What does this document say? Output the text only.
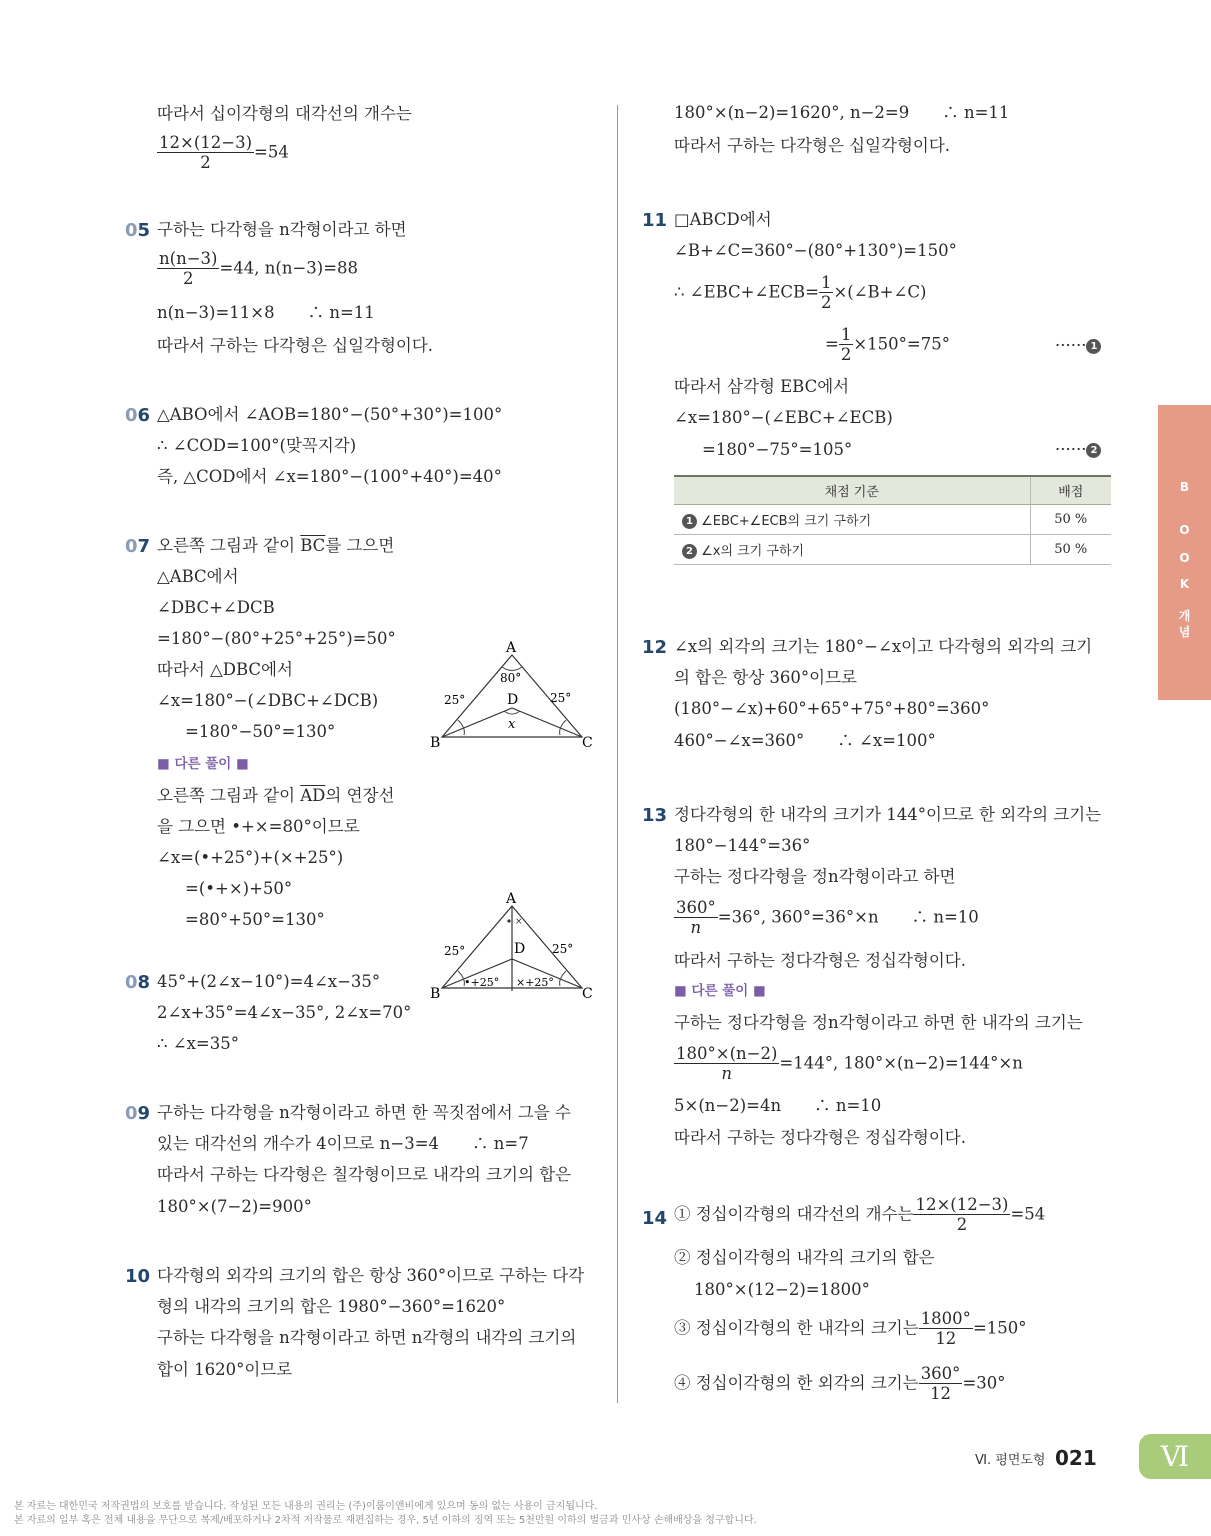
따라서 십이각형의 대각선의 개수는
$\frac{12\times(12-3)}{2} =54$
05 구하는 다각형을 n각형이라고 하면
$\frac{n(n-3)}{2} =44$, n(n−3)=88
n(n−3)=11×8　　∴ n=11
따라서 구하는 다각형은 십일각형이다.
06 △ABO에서 ∠AOB=180°−(50°+30°)=100°
∴ ∠COD=100°(맞꼭지각)
즉, △COD에서 ∠x=180°−(100°+40°)=40°
07 오른쪽 그림과 같이 $\overline{BC}$를 그으면
△ABC에서
∠DBC+∠DCB
=180°−(80°+25°+25°)=50°
따라서 △DBC에서
∠x=180°−(∠DBC+∠DCB)
=180°−50°=130°
■ 다른 풀이 ■
오른쪽 그림과 같이 $\overline{AD}$의 연장선
을 그으면 •+×=80°이므로
∠x=(•+25°)+(×+25°)
=(•+×)+50°
=80°+50°=130°
A
B	C
D
x
80°
25°	25°
×
A
B	C
D
25°	25°
•+25° ×+25°
08 45°+(2∠x−10°)=4∠x−35°
2∠x+35°=4∠x−35°, 2∠x=70°
∴ ∠x=35°
09 구하는 다각형을 n각형이라고 하면 한 꼭짓점에서 그을 수
있는 대각선의 개수가 4이므로 n−3=4　　∴ n=7
따라서 구하는 다각형은 칠각형이므로 내각의 크기의 합은
180°×(7−2)=900°
10 다각형의 외각의 크기의 합은 항상 360°이므로 구하는 다각
형의 내각의 크기의 합은 1980°−360°=1620°
구하는 다각형을 n각형이라고 하면 n각형의 내각의 크기의
합이 1620°이므로
180°×(n−2)=1620°, n−2=9　　∴ n=11
따라서 구하는 다각형은 십일각형이다.
11 □ABCD에서
∠B+∠C=360°−(80°+130°)=150°
∴ ∠EBC+∠ECB= $\frac{1}{2}$ ×(∠B+∠C)
= $\frac{1}{2} \times 150^\circ=75^\circ$	······ 1
따라서 삼각형 EBC에서
∠x=180°−(∠EBC+∠ECB)
=180°−75°=105°	······ 2
채점 기준	배점
1 ∠EBC+∠ECB의 크기 구하기	50 %
2 ∠x의 크기 구하기	50 %
12 ∠x의 외각의 크기는 180°−∠x이고 다각형의 외각의 크기
의 합은 항상 360°이므로
(180°−∠x)+60°+65°+75°+80°=360°
460°−∠x=360°　　∴ ∠x=100°
13 정다각형의 한 내각의 크기가 144°이므로 한 외각의 크기는
180°−144°=36°
구하는 정다각형을 정n각형이라고 하면
$\frac{360^\circ}{n} =36^\circ$, 360°=36°×n　　∴ n=10
따라서 구하는 정다각형은 정십각형이다.
■ 다른 풀이 ■
구하는 정다각형을 정n각형이라고 하면 한 내각의 크기는
$\frac{180^\circ\times(n-2)}{n} =144^\circ$, 180°×(n−2)=144°×n
5×(n−2)=4n　　∴ n=10
따라서 구하는 정다각형은 정십각형이다.
14 ① 정십이각형의 대각선의 개수는 $\frac{12\times(12-3)}{2} =54$
② 정십이각형의 내각의 크기의 합은
180°×(12−2)=1800°
③ 정십이각형의 한 내각의 크기는 $\frac{1800^\circ}{12} =150^\circ$
④ 정십이각형의 한 외각의 크기는 $\frac{360^\circ}{12} =30^\circ$
B
O
O
K
개
념
Ⅵ. 평면도형 021	Ⅵ
본 자료는 대한민국 저작권법의 보호를 받습니다. 작성된 모든 내용의 권리는 (주)이룸이앤비에게 있으며 동의 없는 사용이 금지됩니다.
본 자료의 일부 혹은 전체 내용을 무단으로 복제/배포하거나 2차적 저작물로 재편집하는 경우, 5년 이하의 징역 또는 5천만원 이하의 벌금과 민사상 손해배상을 청구합니다.
